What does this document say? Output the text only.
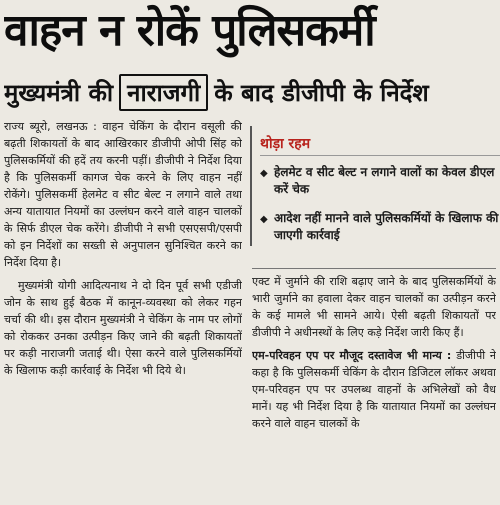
वाहन न रोकें पुलिसकर्मी
मुख्यमंत्री की नाराजगी के बाद डीजीपी के निर्देश

राज्य ब्यूरो, लखनऊ : वाहन चेकिंग के दौरान वसूली की बढ़ती शिकायतों के बाद आखिरकार डीजीपी ओपी सिंह को पुलिसकर्मियों की हदें तय करनी पड़ीं। डीजीपी ने निर्देश दिया है कि पुलिसकर्मी कागज चेक करने के लिए वाहन नहीं रोकेंगे। पुलिसकर्मी हेलमेट व सीट बेल्ट न लगाने वाले तथा अन्य यातायात नियमों का उल्लंघन करने वाले वाहन चालकों के सिर्फ डीएल चेक करेंगे। डीजीपी ने सभी एसएसपी/एसपी को इन निर्देशों का सख्ती से अनुपालन सुनिश्चित करने का निर्देश दिया है।

मुख्यमंत्री योगी आदित्यनाथ ने दो दिन पूर्व सभी एडीजी जोन के साथ हुई बैठक में कानून-व्यवस्था को लेकर गहन चर्चा की थी। इस दौरान मुख्यमंत्री ने चेकिंग के नाम पर लोगों को रोककर उनका उत्पीड़न किए जाने की बढ़ती शिकायतों पर कड़ी नाराजगी जताई थी। ऐसा करने वाले पुलिसकर्मियों के खिलाफ कड़ी कार्रवाई के निर्देश भी दिये थे।

थोड़ा रहम
◆ हेलमेट व सीट बेल्ट न लगाने वालों का केवल डीएल करें चेक
◆ आदेश नहीं मानने वाले पुलिसकर्मियों के खिलाफ की जाएगी कार्रवाई

एक्ट में जुर्माने की राशि बढ़ाए जाने के बाद पुलिसकर्मियों के भारी जुर्माने का हवाला देकर वाहन चालकों का उत्पीड़न करने के कई मामले भी सामने आये। ऐसी बढ़ती शिकायतों पर डीजीपी ने अधीनस्थों के लिए कड़े निर्देश जारी किए हैं।

एम-परिवहन एप पर मौजूद दस्तावेज भी मान्य : डीजीपी ने कहा है कि पुलिसकर्मी चेकिंग के दौरान डिजिटल लॉकर अथवा एम-परिवहन एप पर उपलब्ध वाहनों के अभिलेखों को वैध मानें। यह भी निर्देश दिया है कि यातायात नियमों का उल्लंघन करने वाले वाहन चालकों के
